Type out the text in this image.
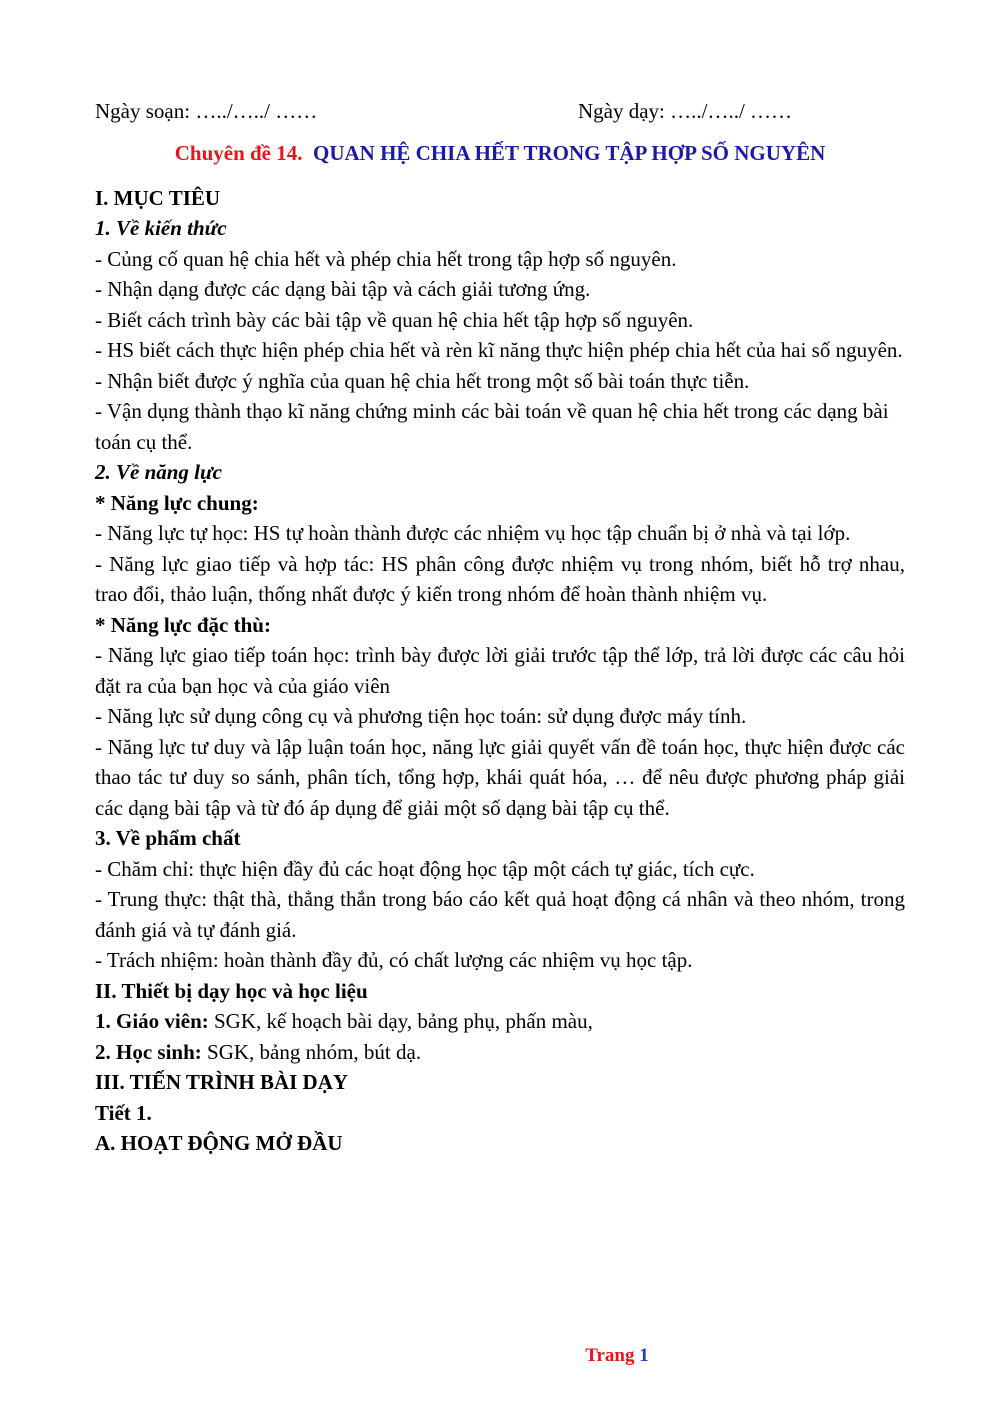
Ngày soạn: …../…../ ……	Ngày dạy: …../…../ ……
Chuyên đề 14. QUAN HỆ CHIA HẾT TRONG TẬP HỢP SỐ NGUYÊN
I. MỤC TIÊU
1. Về kiến thức
- Củng cố quan hệ chia hết và phép chia hết trong tập hợp số nguyên.
- Nhận dạng được các dạng bài tập và cách giải tương ứng.
- Biết cách trình bày các bài tập về quan hệ chia hết tập hợp số nguyên.
- HS biết cách thực hiện phép chia hết và rèn kĩ năng thực hiện phép chia hết của hai số nguyên.
- Nhận biết được ý nghĩa của quan hệ chia hết trong một số bài toán thực tiễn.
- Vận dụng thành thạo kĩ năng chứng minh các bài toán về quan hệ chia hết trong các dạng bài toán cụ thể.
2. Về năng lực
* Năng lực chung:
- Năng lực tự học: HS tự hoàn thành được các nhiệm vụ học tập chuẩn bị ở nhà và tại lớp.
- Năng lực giao tiếp và hợp tác: HS phân công được nhiệm vụ trong nhóm, biết hỗ trợ nhau, trao đổi, thảo luận, thống nhất được ý kiến trong nhóm để hoàn thành nhiệm vụ.
* Năng lực đặc thù:
- Năng lực giao tiếp toán học: trình bày được lời giải trước tập thể lớp, trả lời được các câu hỏi đặt ra của bạn học và của giáo viên
- Năng lực sử dụng công cụ và phương tiện học toán: sử dụng được máy tính.
- Năng lực tư duy và lập luận toán học, năng lực giải quyết vấn đề toán học, thực hiện được các thao tác tư duy so sánh, phân tích, tổng hợp, khái quát hóa, … để nêu được phương pháp giải các dạng bài tập và từ đó áp dụng để giải một số dạng bài tập cụ thể.
3. Về phẩm chất
- Chăm chỉ: thực hiện đầy đủ các hoạt động học tập một cách tự giác, tích cực.
- Trung thực: thật thà, thẳng thắn trong báo cáo kết quả hoạt động cá nhân và theo nhóm, trong đánh giá và tự đánh giá.
- Trách nhiệm: hoàn thành đầy đủ, có chất lượng các nhiệm vụ học tập.
II. Thiết bị dạy học và học liệu
1. Giáo viên: SGK, kế hoạch bài dạy, bảng phụ, phấn màu,
2. Học sinh: SGK, bảng nhóm, bút dạ.
III. TIẾN TRÌNH BÀI DẠY
Tiết 1.
A. HOẠT ĐỘNG MỞ ĐẦU
Trang 1
